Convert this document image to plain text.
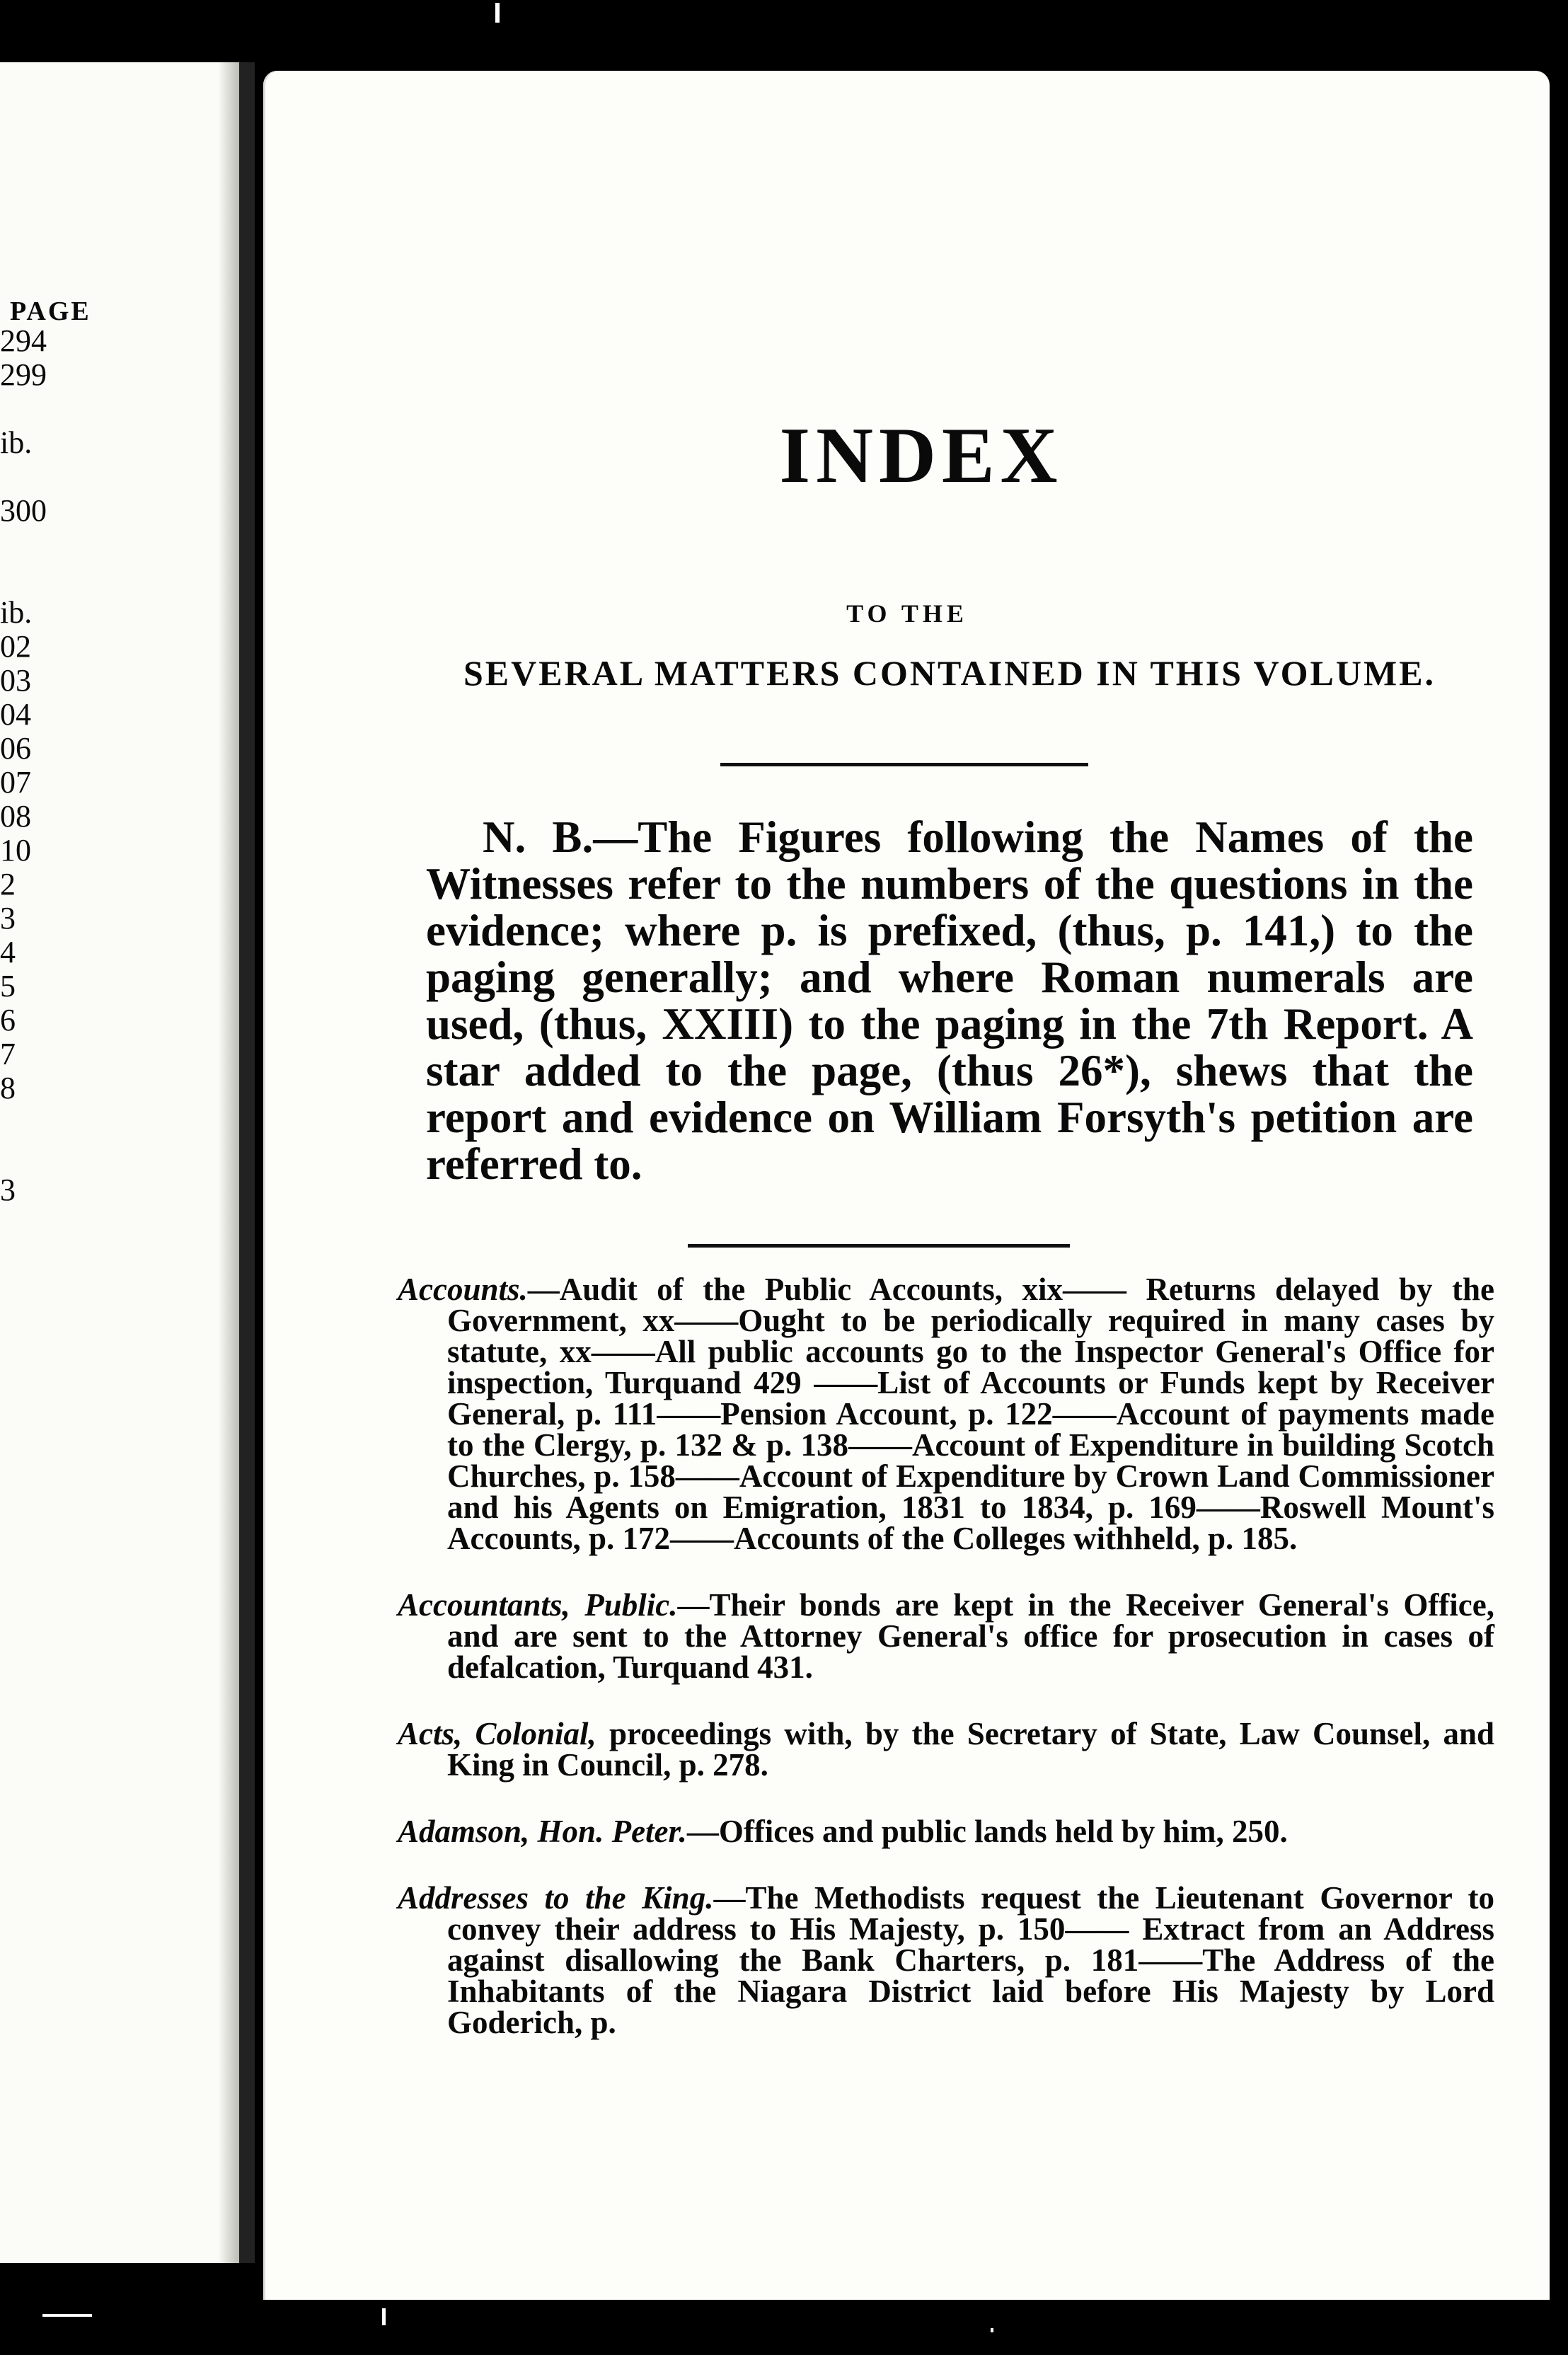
PAGE
294
299
ib.
300
ib.
02
03
04
06
07
08
10
2
3
4
5
6
7
8
3
INDEX
TO THE
SEVERAL MATTERS CONTAINED IN THIS VOLUME.
N. B.—The Figures following the Names of the Witnesses refer to the numbers of the questions in the evidence; where p. is prefixed, (thus, p. 141,) to the paging generally; and where Roman numerals are used, (thus, XXIII) to the paging in the 7th Report. A star added to the page, (thus 26*), shews that the report and evidence on William Forsyth's petition are referred to.
Accounts.—Audit of the Public Accounts, xix—— Returns delayed by the Government, xx——Ought to be periodically required in many cases by statute, xx——All public accounts go to the Inspector General's Office for inspection, Turquand 429 ——List of Accounts or Funds kept by Receiver General, p. 111——Pension Account, p. 122——Account of payments made to the Clergy, p. 132 & p. 138——Account of Expenditure in building Scotch Churches, p. 158——Account of Expenditure by Crown Land Commissioner and his Agents on Emigration, 1831 to 1834, p. 169——Roswell Mount's Accounts, p. 172——Accounts of the Colleges withheld, p. 185.
Accountants, Public.—Their bonds are kept in the Receiver General's Office, and are sent to the Attorney General's office for prosecution in cases of defalcation, Turquand 431.
Acts, Colonial, proceedings with, by the Secretary of State, Law Counsel, and King in Council, p. 278.
Adamson, Hon. Peter.—Offices and public lands held by him, 250.
Addresses to the King.—The Methodists request the Lieutenant Governor to convey their address to His Majesty, p. 150—— Extract from an Address against disallowing the Bank Charters, p. 181——The Address of the Inhabitants of the Niagara District laid before His Majesty by Lord Goderich, p.
